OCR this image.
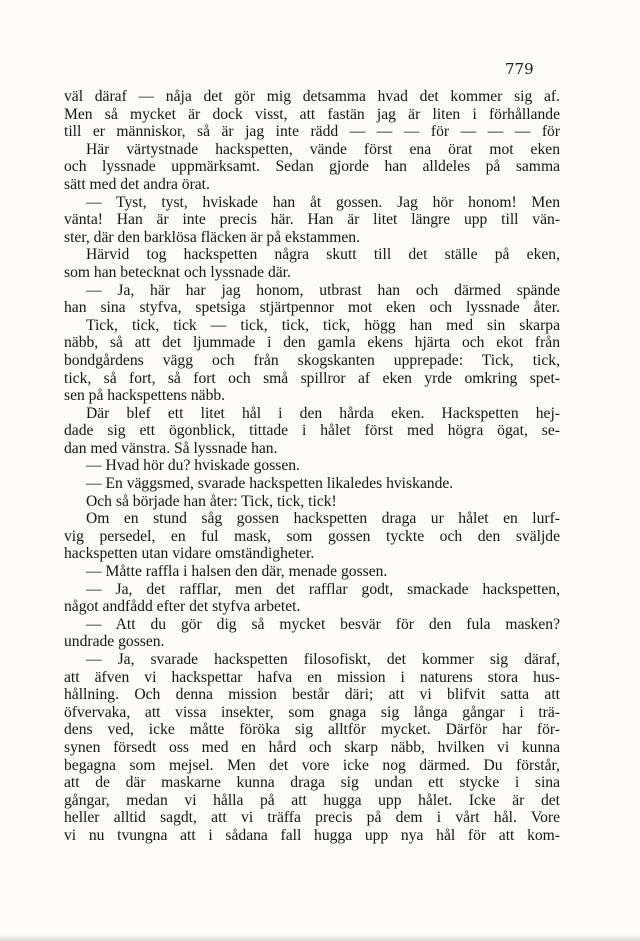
779
väl däraf — nåja det gör mig detsamma hvad det kommer sig af.
Men så mycket är dock visst, att fastän jag är liten i förhållande
till er människor, så är jag inte rädd — — — för — — — för
Här värtystnade hackspetten, vände först ena örat mot eken
och lyssnade uppmärksamt. Sedan gjorde han alldeles på samma
sätt med det andra örat.
— Tyst, tyst, hviskade han åt gossen. Jag hör honom! Men
vänta! Han är inte precis här. Han är litet längre upp till vän-
ster, där den barklösa fläcken är på ekstammen.
Härvid tog hackspetten några skutt till det ställe på eken,
som han betecknat och lyssnade där.
— Ja, här har jag honom, utbrast han och därmed spände
han sina styfva, spetsiga stjärtpennor mot eken och lyssnade åter.
Tick, tick, tick — tick, tick, tick, högg han med sin skarpa
näbb, så att det ljummade i den gamla ekens hjärta och ekot från
bondgårdens vägg och från skogskanten upprepade: Tick, tick,
tick, så fort, så fort och små spillror af eken yrde omkring spet-
sen på hackspettens näbb.
Där blef ett litet hål i den hårda eken. Hackspetten hej-
dade sig ett ögonblick, tittade i hålet först med högra ögat, se-
dan med vänstra. Så lyssnade han.
— Hvad hör du? hviskade gossen.
— En väggsmed, svarade hackspetten likaledes hviskande.
Och så började han åter: Tick, tick, tick!
Om en stund såg gossen hackspetten draga ur hålet en lurf-
vig persedel, en ful mask, som gossen tyckte och den sväljde
hackspetten utan vidare omständigheter.
— Måtte raffla i halsen den där, menade gossen.
— Ja, det rafflar, men det rafflar godt, smackade hackspetten,
något andfådd efter det styfva arbetet.
— Att du gör dig så mycket besvär för den fula masken?
undrade gossen.
— Ja, svarade hackspetten filosofiskt, det kommer sig däraf,
att äfven vi hackspettar hafva en mission i naturens stora hus-
hållning. Och denna mission består däri; att vi blifvit satta att
öfvervaka, att vissa insekter, som gnaga sig långa gångar i trä-
dens ved, icke måtte föröka sig alltför mycket. Därför har för-
synen försedt oss med en hård och skarp näbb, hvilken vi kunna
begagna som mejsel. Men det vore icke nog därmed. Du förstår,
att de där maskarne kunna draga sig undan ett stycke i sina
gångar, medan vi hålla på att hugga upp hålet. Icke är det
heller alltid sagdt, att vi träffa precis på dem i vårt hål. Vore
vi nu tvungna att i sådana fall hugga upp nya hål för att kom-
